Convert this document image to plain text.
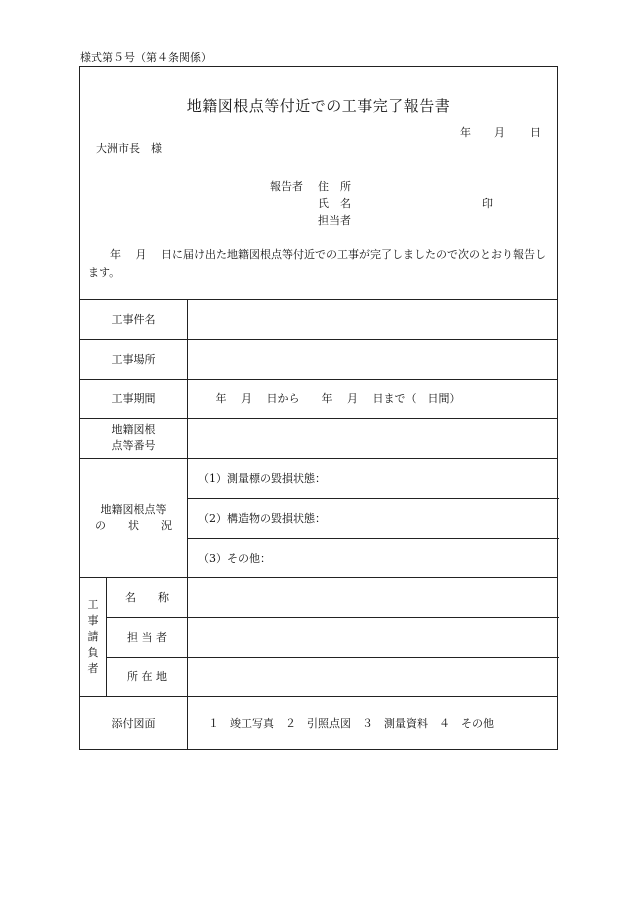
様式第５号（第４条関係）
地籍図根点等付近での工事完了報告書
年 月 日
大洲市長　様
報告者 住　所
氏　名	印
担当者
　　年　 月　 日に届け出た地籍図根点等付近での工事が完了しましたので次のとおり報告します。
工事件名
工事場所
工事期間	年　 月　 日から　　年　 月　 日まで（　日間）
地籍図根
点等番号
地籍図根点等
の　　状　　況
（1）測量標の毀損状態：
（2）構造物の毀損状態：
（3）その他：
工
事
請
負
者
名　　称
担 当 者
所 在 地
添付図面	１　竣工写真　２　引照点図　３　測量資料　４　その他
